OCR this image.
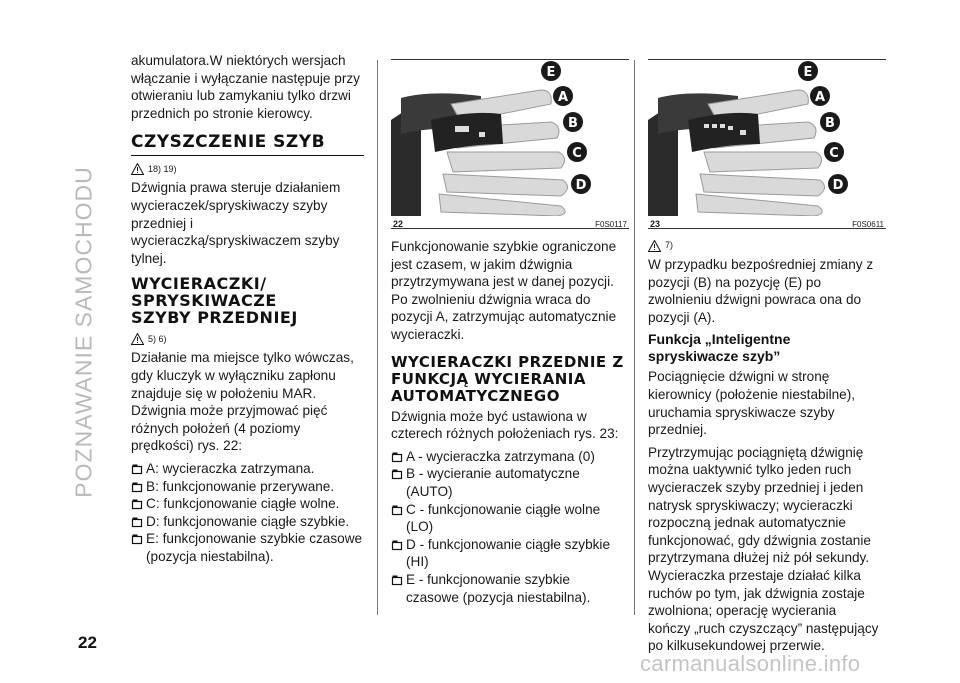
POZNAWANIE SAMOCHODU

akumulatora.W niektórych wersjach włączanie i wyłączanie następuje przy otwieraniu lub zamykaniu tylko drzwi przednich po stronie kierowcy.

CZYSZCZENIE SZYB
18) 19)

Dźwignia prawa steruje działaniem wycieraczek/spryskiwaczy szyby przedniej i wycieraczką/spryskiwaczem szyby tylnej.

WYCIERACZKI/
SPRYSKIWACZE
SZYBY PRZEDNIEJ
5) 6)

Działanie ma miejsce tylko wówczas, gdy kluczyk w wyłączniku zapłonu znajduje się w położeniu MAR. Dźwignia może przyjmować pięć różnych położeń (4 poziomy prędkości) rys. 22:

A: wycieraczka zatrzymana.
B: funkcjonowanie przerywane.
C: funkcjonowanie ciągłe wolne.
D: funkcjonowanie ciągłe szybkie.
E: funkcjonowanie szybkie czasowe (pozycja niestabilna).
E
A
B
C
D
22	F0S0117

Funkcjonowanie szybkie ograniczone jest czasem, w jakim dźwignia przytrzymywana jest w danej pozycji. Po zwolnieniu dźwignia wraca do pozycji A, zatrzymując automatycznie wycieraczki.

WYCIERACZKI PRZEDNIE Z FUNKCJĄ WYCIERANIA AUTOMATYCZNEGO

Dźwignia może być ustawiona w czterech różnych położeniach rys. 23:

A - wycieraczka zatrzymana (0)
B - wycieranie automatyczne (AUTO)
C - funkcjonowanie ciągłe wolne (LO)
D - funkcjonowanie ciągłe szybkie (HI)
E - funkcjonowanie szybkie czasowe (pozycja niestabilna).
E
A
B
C
D
23	F0S0611
7)

W przypadku bezpośredniej zmiany z pozycji (B) na pozycję (E) po zwolnieniu dźwigni powraca ona do pozycji (A).

Funkcja „Inteligentne spryskiwacze szyb”

Pociągnięcie dźwigni w stronę kierownicy (położenie niestabilne), uruchamia spryskiwacze szyby przedniej.

Przytrzymując pociągniętą dźwignię można uaktywnić tylko jeden ruch wycieraczek szyby przedniej i jeden natrysk spryskiwaczy; wycieraczki rozpoczną jednak automatycznie funkcjonować, gdy dźwignia zostanie przytrzymana dłużej niż pół sekundy. Wycieraczka przestaje działać kilka ruchów po tym, jak dźwignia zostaje zwolniona; operację wycierania kończy „ruch czyszczący” następujący po kilkusekundowej przerwie.

22
carmanualsonline.info
